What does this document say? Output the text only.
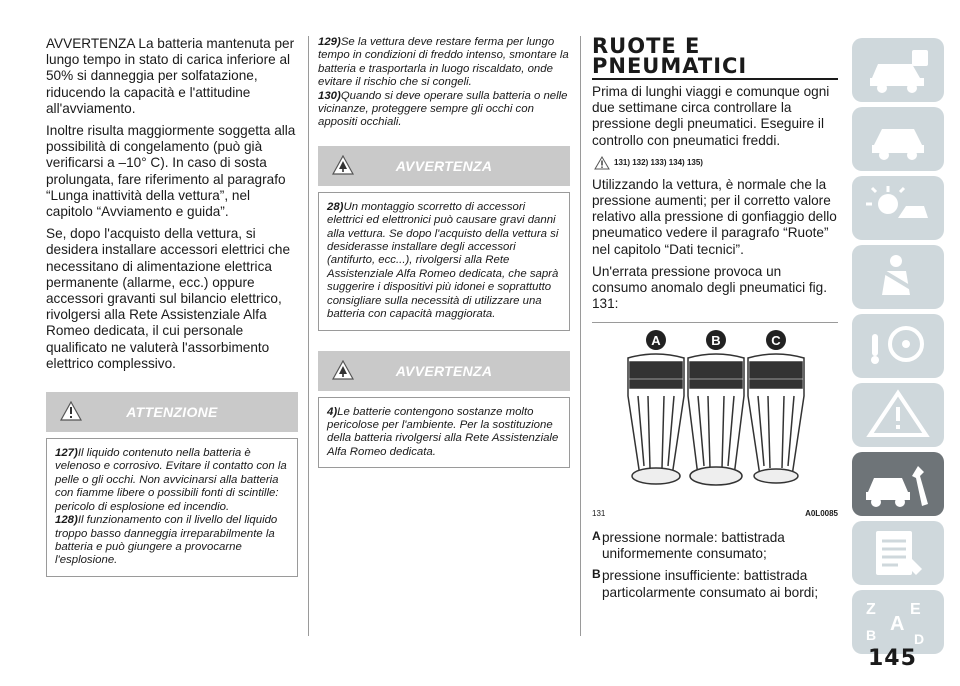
AVVERTENZA La batteria mantenuta per lungo tempo in stato di carica inferiore al 50% si danneggia per solfatazione, riducendo la capacità e l'attitudine all'avviamento.

Inoltre risulta maggiormente soggetta alla possibilità di congelamento (può già verificarsi a –10° C). In caso di sosta prolungata, fare riferimento al paragrafo “Lunga inattività della vettura”, nel capitolo “Avviamento e guida”.

Se, dopo l'acquisto della vettura, si desidera installare accessori elettrici che necessitano di alimentazione elettrica permanente (allarme, ecc.) oppure accessori gravanti sul bilancio elettrico, rivolgersi alla Rete Assistenziale Alfa Romeo dedicata, il cui personale qualificato ne valuterà l'assorbimento elettrico complessivo.

ATTENZIONE

127)Il liquido contenuto nella batteria è velenoso e corrosivo. Evitare il contatto con la pelle o gli occhi. Non avvicinarsi alla batteria con fiamme libere o possibili fonti di scintille: pericolo di esplosione ed incendio.

128)Il funzionamento con il livello del liquido troppo basso danneggia irreparabilmente la batteria e può giungere a provocarne l'esplosione.

129)Se la vettura deve restare ferma per lungo tempo in condizioni di freddo intenso, smontare la batteria e trasportarla in luogo riscaldato, onde evitare il rischio che si congeli.

130)Quando si deve operare sulla batteria o nelle vicinanze, proteggere sempre gli occhi con appositi occhiali.

AVVERTENZA

28)Un montaggio scorretto di accessori elettrici ed elettronici può causare gravi danni alla vettura. Se dopo l'acquisto della vettura si desiderasse installare degli accessori (antifurto, ecc...), rivolgersi alla Rete Assistenziale Alfa Romeo dedicata, che saprà suggerire i dispositivi più idonei e soprattutto consigliare sulla necessità di utilizzare una batteria con capacità maggiorata.

AVVERTENZA

4)Le batterie contengono sostanze molto pericolose per l'ambiente. Per la sostituzione della batteria rivolgersi alla Rete Assistenziale Alfa Romeo dedicata.

RUOTE E

PNEUMATICI

Prima di lunghi viaggi e comunque ogni due settimane circa controllare la pressione degli pneumatici. Eseguire il controllo con pneumatici freddi.

131) 132) 133) 134) 135)

Utilizzando la vettura, è normale che la pressione aumenti; per il corretto valore relativo alla pressione di gonfiaggio dello pneumatico vedere il paragrafo “Ruote” nel capitolo “Dati tecnici”.

Un'errata pressione provoca un consumo anomalo degli pneumatici fig. 131:

A	B	C
131	A0L0085
A pressione normale: battistrada uniformemente consumato;
B pressione insufficiente: battistrada particolarmente consumato ai bordi;
Z E
A
B	D
145
